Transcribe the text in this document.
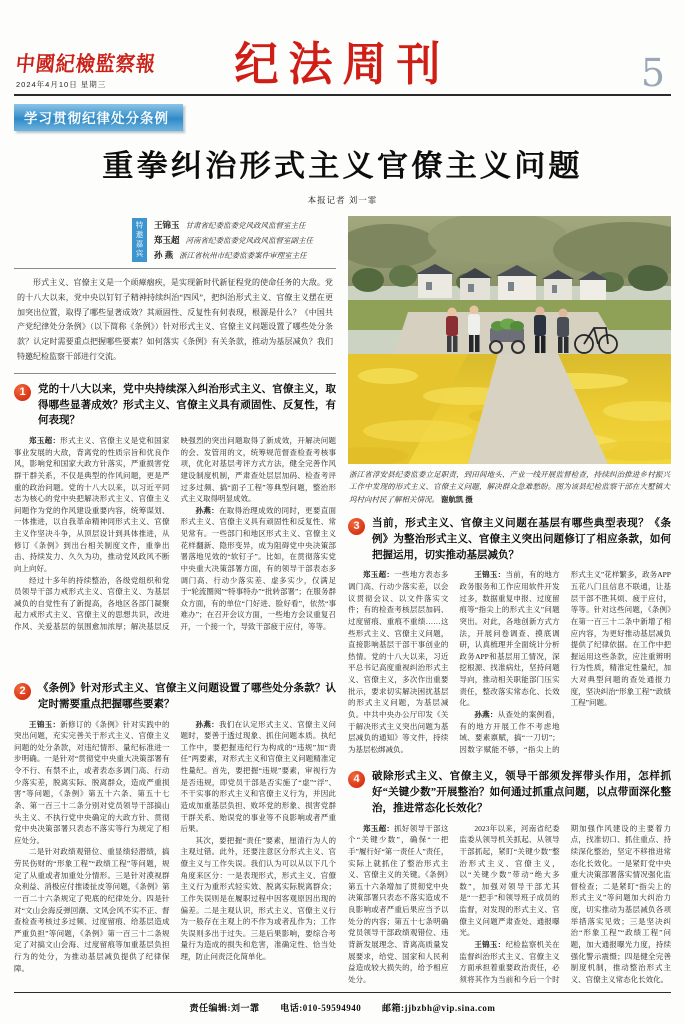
纪法周刊
中國紀檢監察報
2024年4月10日 星期三	5
学习贯彻纪律处分条例
重拳纠治形式主义官僚主义问题
本报记者 刘一霏
特邀嘉宾	王锦玉 甘肃省纪委监委党风政风监督室主任
郑玉超 河南省纪委监委党风政风监督室副主任
孙 燕 浙江省杭州市纪委监委案件审理室主任

形式主义、官僚主义是一个顽瘴痼疾，是实现新时代新征程党的使命任务的大敌。党的十八大以来，党中央以钉钉子精神持续纠治“四风”，把纠治形式主义、官僚主义摆在更加突出位置，取得了哪些显著成效？其顽固性、反复性有何表现，根源是什么？《中国共产党纪律处分条例》（以下简称《条例》）针对形式主义、官僚主义问题设置了哪些处分条款？认定时需要重点把握哪些要素？如何落实《条例》有关条款，推动为基层减负？我们特邀纪检监察干部进行交流。

1	党的十八大以来，党中央持续深入纠治形式主义、官僚主义，取得哪些显著成效？形式主义、官僚主义具有顽固性、反复性，有何表现？

郑玉超：形式主义、官僚主义是党和国家事业发展的大敌，背离党的性质宗旨和优良作风，影响党和国家大政方针落实，严重损害党群干群关系，不仅是典型的作风问题，更是严重的政治问题。党的十八大以来，以习近平同志为核心的党中央把解决形式主义、官僚主义问题作为党的作风建设重要内容，统筹谋划、一体推进，以自我革命精神同形式主义、官僚主义作坚决斗争，从顶层设计到具体推进，从修订《条例》到出台相关制度文件，重拳出击、持续发力、久久为功，推动党风政风不断向上向好。

经过十多年的持续整治，各级党组织和党员领导干部力戒形式主义、官僚主义、为基层减负的自觉性有了新提高，各地区各部门凝聚起力戒形式主义、官僚主义的思想共识，改进作风、关爱基层的氛围愈加浓厚；解决基层反映强烈的突出问题取得了新成效，开解决问题的会、发管用的文，统筹规范督查检查考核事项，优化对基层考评方式方法，健全完善作风建设制度机制，严肃查处层层加码、检查考评过多过频、搞“面子工程”等典型问题，整治形式主义取得明显成效。

孙燕：在取得治理成效的同时，更要直面形式主义、官僚主义具有顽固性和反复性、常见常有。一些部门和地区形式主义、官僚主义花样翻新、隐形变异，成为阻碍党中央决策部署落地见效的“软钉子”。比如，在贯彻落实党中央重大决策部署方面，有的领导干部表态多调门高、行动少落实差、虚多实少，仅满足于“轮流圈阅”“特事特办”“批转部署”；在服务群众方面，有的单位“门好进、脸好看”，依然“事难办”；在召开会议方面，一些地方会议重复召开，一个接一个，导致干部疲于应付，等等。

2	《条例》针对形式主义、官僚主义问题设置了哪些处分条款？认定时需要重点把握哪些要素？

王锦玉：新修订的《条例》针对实践中的突出问题，充实完善关于形式主义、官僚主义问题的处分条款，对违纪情形、量纪标准进一步明确。一是针对“贯彻党中央重大决策部署有令不行、有禁不止，或者表态多调门高、行动少落实差，脱离实际、脱离群众，造成严重损害”等问题，《条例》第五十六条、第五十七条、第一百三十二条分别对党员领导干部搞山头主义、不执行党中央确定的大政方针、贯彻党中央决策部署只表态不落实等行为规定了相应处分。

二是针对政绩观错位、重显绩轻潜绩，搞劳民伤财的“形象工程”“政绩工程”等问题，规定了从重或者加重处分情形。三是针对漠视群众利益、消极应付推诿扯皮等问题，《条例》第一百二十六条规定了兜底的纪律处分。四是针对“文山会海反弹回潮、文风会风不实不正、督查检查考核过多过频、过度留痕、给基层造成严重负担”等问题，《条例》第一百三十二条规定了对搞文山会海、过度留痕等加重基层负担行为的处分，为推动基层减负提供了纪律保障。

孙燕：我们在认定形式主义、官僚主义问题时，要善于透过现象、抓住问题本质。执纪工作中，要把握违纪行为构成的“违规”加“责任”两要素，对形式主义和官僚主义问题精准定性量纪。首先，要把握“违规”要素，审视行为是否违规，即党员干部是否实施了“虚”“浮”、不干实事的形式主义和官僚主义行为，并因此造成加重基层负担、败坏党的形象、损害党群干群关系、贻误党的事业等不良影响或者严重后果。

其次，要把握“责任”要素，厘清行为人的主观过错。此外，还要注意区分形式主义、官僚主义与工作失误。我们认为可以从以下几个角度来区分：一是表现形式，形式主义、官僚主义行为重形式轻实效、脱离实际脱离群众；工作失误则是在履职过程中因客观原因出现的偏差。二是主观认识，形式主义、官僚主义行为一般存在主观上的不作为或者乱作为；工作失误则多出于过失。三是后果影响，要综合考量行为造成的损失和危害，准确定性、恰当处理，防止问责泛化简单化。

浙江省淳安县纪委监委立足职责，到田间地头、产业一线开展监督检查，持续纠治推进乡村振兴工作中发现的形式主义、官僚主义问题，解决群众急难愁盼。图为该县纪检监察干部在大墅镇大坞村向村民了解相关情况。 谢航凯 摄

3	当前，形式主义、官僚主义问题在基层有哪些典型表现？《条例》为整治形式主义、官僚主义突出问题修订了相应条款，如何把握运用，切实推动基层减负？

郑玉超：一些地方表态多调门高、行动少落实差，以会议贯彻会议、以文件落实文件；有的检查考核层层加码、过度留痕、重痕不重绩……这些形式主义、官僚主义问题，直接影响基层干部干事创业的热情。党的十八大以来，习近平总书记高度重视纠治形式主义、官僚主义，多次作出重要批示，要求切实解决困扰基层的形式主义问题，为基层减负。中共中央办公厅印发《关于解决形式主义突出问题为基层减负的通知》等文件，持续为基层松绑减负。

王锦玉：当前，有的地方政务服务和工作应用软件开发过多，数据重复申报、过度留痕等“指尖上的形式主义”问题突出。对此，各地创新方式方法，开展问卷调查、摸底调研，认真梳理并全面统计分析政务APP和基层用工情况，深挖根源、找准病灶，坚持问题导向，推动相关职能部门压实责任，整改落实常态化、长效化。

孙燕：从查处的案例看，有的地方开展工作不考虑地域、要素禀赋，搞“一刀切”；因数字赋能不够，“指尖上的形式主义”花样繁多，政务APP五花八门且信息不联通，让基层干部不胜其烦、疲于应付，等等。针对这些问题，《条例》在第一百三十二条中新增了相应内容，为更好推动基层减负提供了纪律依据。在工作中把握运用这些条款，应注重辨明行为性质，精准定性量纪，加大对典型问题的查处通报力度，坚决纠治“形象工程”“政绩工程”问题。

4	破除形式主义、官僚主义，领导干部须发挥带头作用，怎样抓好“关键少数”开展整治？如何通过抓重点问题，以点带面深化整治，推进常态化长效化？

郑玉超：抓好领导干部这个“关键少数”，确保“一把手”履行好“第一责任人”责任，实际上就抓住了整治形式主义、官僚主义的关键。《条例》第五十六条增加了贯彻党中央决策部署只表态不落实造成不良影响或者严重后果应当予以处分的内容；第五十七条明确党员领导干部政绩观错位、违背新发展理念、背离高质量发展要求，给党、国家和人民利益造成较大损失的，给予相应处分。

2023年以来，河南省纪委监委从领导机关抓起、从领导干部抓起，紧盯“关键少数”整治形式主义、官僚主义，以“关键少数”带动“绝大多数”，加强对领导干部尤其是“一把手”和领导班子成员的监督，对发现的形式主义、官僚主义问题严肃查处、通报曝光。

王锦玉：纪检监察机关在监督纠治形式主义、官僚主义方面承担着重要政治责任，必须将其作为当前和今后一个时期加强作风建设的主要着力点，找准切口、抓住重点、持续深化整治，坚定不移推进常态化长效化。一是紧盯党中央重大决策部署落实情况强化监督检查；二是紧盯“指尖上的形式主义”等问题加大纠治力度，切实推动为基层减负各项举措落实见效；三是坚决纠治“形象工程”“政绩工程”问题，加大通报曝光力度，持续强化警示震慑；四是健全完善制度机制，推动整治形式主义、官僚主义常态化长效化。

责任编辑:刘一霏 电话:010-59594940 邮箱:jjbzbh@vip.sina.com
